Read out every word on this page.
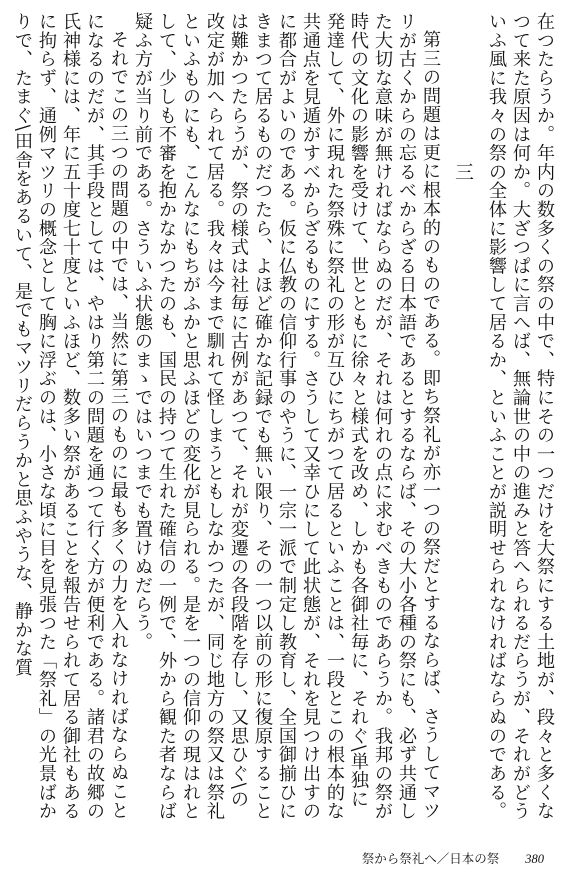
在つたらうか。年内の数多くの祭の中で、特にその一つだけを大祭にする土地が、段々と多くなつて来た原因は何か。大ざつぱに言へば、無論世の中の進みと答へられるだらうが、それがどういふ風に我々の祭の全体に影響して居るか、といふことが説明せられなければならぬのである。

三

第三の問題は更に根本的のものである。即ち祭礼が亦一つの祭だとするならば、さうしてマツリが古くからの忘るべからざる日本語であるとするならば、その大小各種の祭にも、必ず共通した大切な意味が無ければならぬのだが、それは何れの点に求むべきものであらうか。我邦の祭が時代の文化の影響を受けて、世とともに徐々と様式を改め、しかも各御社毎に、それぐ\単独に発達して、外に現れた祭殊に祭礼の形が互ひにちがつて居るといふことは、一段とこの根本的な共通点を見遁がすべからざるものにする。さうして又幸ひにして此状態が、それを見つけ出すのに都合がよいのである。仮に仏教の信仰行事のやうに、一宗一派で制定し教育し、全国御揃ひにきまつて居るものだつたら、よほど確かな記録でも無い限り、その一つ以前の形に復原することは難かつたらうが、祭の様式は社毎に古例があつて、それが変遷の各段階を存し、又思ひぐ\の改定が加へられて居る。我々は今まで馴れて怪しまうともしなかつたが、同じ地方の祭又は祭礼といふものにも、こんなにもちがふかと思ふほどの変化が見られる。是を一つの信仰の現はれとして、少しも不審を抱かなかつたのも、国民の持つて生れた確信の一例で、外から観た者ならば疑ふ方が当り前である。さういふ状態のまゝではいつまでも置けぬだらう。

それでこの三つの問題の中では、当然に第三のものに最も多くの力を入れなければならぬことになるのだが、其手段としては、やはり第二の問題を通つて行く方が便利である。諸君の故郷の氏神様には、年に五十度七十度といふほど、数多い祭があることを報告せられて居る御社もあるに拘らず、通例マツリの概念として胸に浮ぶのは、小さな頃に目を見張つた「祭礼」の光景ばかりで、たまぐ\田舎をあるいて、是でもマツリだらうかと思ふやうな、静かな質

祭から祭礼へ／日本の祭 380
